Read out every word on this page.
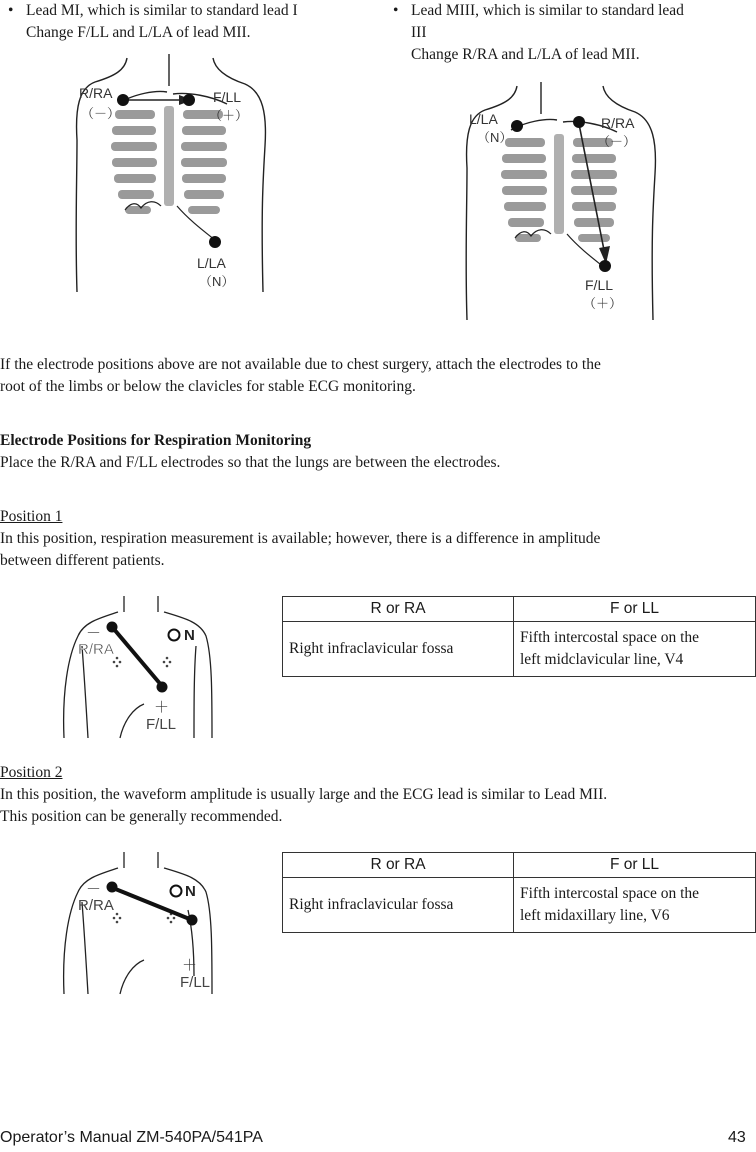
• Lead MI, which is similar to standard lead I
Change F/LL and L/LA of lead MII.
• Lead MIII, which is similar to standard lead
III
Change R/RA and L/LA of lead MII.
R/RA
（－）
F/LL
（＋）
L/LA
（N）
L/LA
（N）
R/RA
（－）
F/LL
（＋）
If the electrode positions above are not available due to chest surgery, attach the electrodes to the
root of the limbs or below the clavicles for stable ECG monitoring.
Electrode Positions for Respiration Monitoring
Place the R/RA and F/LL electrodes so that the lungs are between the electrodes.
Position 1
In this position, respiration measurement is available; however, there is a difference in amplitude
between different patients.
－
R/RA
N
＋
F/LL
R or RA	F or LL
Right infraclavicular fossa	Fifth intercostal space on the
left midclavicular line, V4
Position 2
In this position, the waveform amplitude is usually large and the ECG lead is similar to Lead MII.
This position can be generally recommended.
－
R/RA
N
＋
F/LL
R or RA	F or LL
Right infraclavicular fossa	Fifth intercostal space on the
left midaxillary line, V6
Operator’s Manual ZM-540PA/541PA	43
